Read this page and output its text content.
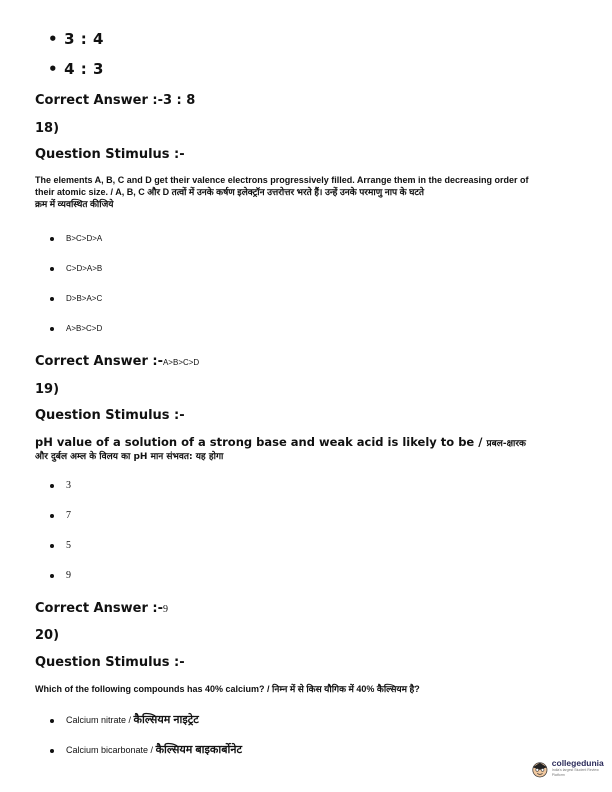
• 3 : 4
• 4 : 3
Correct Answer :-3 : 8
18)
Question Stimulus :-
The elements A, B, C and D get their valence electrons progressively filled. Arrange them in the decreasing order of
their atomic size. / A, B, C और D तत्वों में उनके कर्षण इलेक्ट्रॉन उत्तरोत्तर भरते हैं। उन्हें उनके परमाणु नाप के घटते
क्रम में व्यवस्थित कीजिये
B>C>D>A
C>D>A>B
D>B>A>C
A>B>C>D
Correct Answer :-A>B>C>D
19)
Question Stimulus :-
pH value of a solution of a strong base and weak acid is likely to be / प्रबल-क्षारक
और दुर्बल अम्ल के विलय का pH मान संभवत: यह होगा
3
7
5
9
Correct Answer :-9
20)
Question Stimulus :-
Which of the following compounds has 40% calcium? / निम्न में से किस यौगिक में 40% कैल्सियम है?
Calcium nitrate / कैल्सियम नाइट्रेट
Calcium bicarbonate / कैल्सियम बाइकार्बोनेट
collegedunia
India's largest Student Review Platform
